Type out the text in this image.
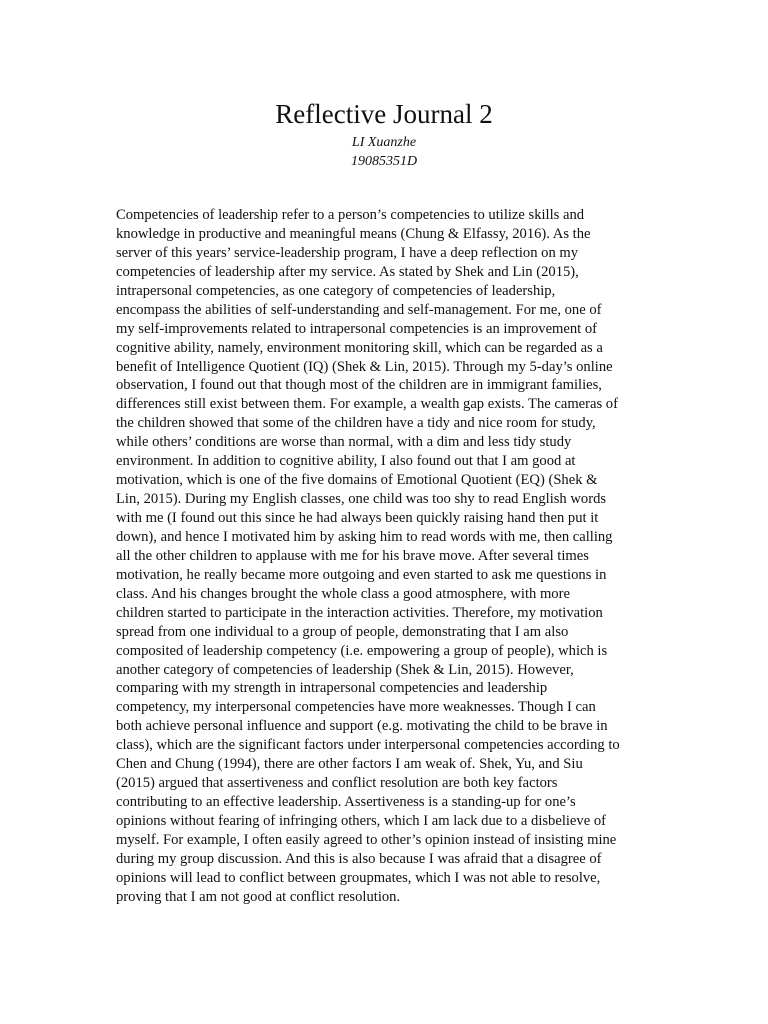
Reflective Journal 2
LI Xuanzhe
19085351D
Competencies of leadership refer to a person’s competencies to utilize skills and
knowledge in productive and meaningful means (Chung & Elfassy, 2016). As the
server of this years’ service-leadership program, I have a deep reflection on my
competencies of leadership after my service. As stated by Shek and Lin (2015),
intrapersonal competencies, as one category of competencies of leadership,
encompass the abilities of self-understanding and self-management. For me, one of
my self-improvements related to intrapersonal competencies is an improvement of
cognitive ability, namely, environment monitoring skill, which can be regarded as a
benefit of Intelligence Quotient (IQ) (Shek & Lin, 2015). Through my 5-day’s online
observation, I found out that though most of the children are in immigrant families,
differences still exist between them. For example, a wealth gap exists. The cameras of
the children showed that some of the children have a tidy and nice room for study,
while others’ conditions are worse than normal, with a dim and less tidy study
environment. In addition to cognitive ability, I also found out that I am good at
motivation, which is one of the five domains of Emotional Quotient (EQ) (Shek &
Lin, 2015). During my English classes, one child was too shy to read English words
with me (I found out this since he had always been quickly raising hand then put it
down), and hence I motivated him by asking him to read words with me, then calling
all the other children to applause with me for his brave move. After several times
motivation, he really became more outgoing and even started to ask me questions in
class. And his changes brought the whole class a good atmosphere, with more
children started to participate in the interaction activities. Therefore, my motivation
spread from one individual to a group of people, demonstrating that I am also
composited of leadership competency (i.e. empowering a group of people), which is
another category of competencies of leadership (Shek & Lin, 2015). However,
comparing with my strength in intrapersonal competencies and leadership
competency, my interpersonal competencies have more weaknesses. Though I can
both achieve personal influence and support (e.g. motivating the child to be brave in
class), which are the significant factors under interpersonal competencies according to
Chen and Chung (1994), there are other factors I am weak of. Shek, Yu, and Siu
(2015) argued that assertiveness and conflict resolution are both key factors
contributing to an effective leadership. Assertiveness is a standing-up for one’s
opinions without fearing of infringing others, which I am lack due to a disbelieve of
myself. For example, I often easily agreed to other’s opinion instead of insisting mine
during my group discussion. And this is also because I was afraid that a disagree of
opinions will lead to conflict between groupmates, which I was not able to resolve,
proving that I am not good at conflict resolution.
